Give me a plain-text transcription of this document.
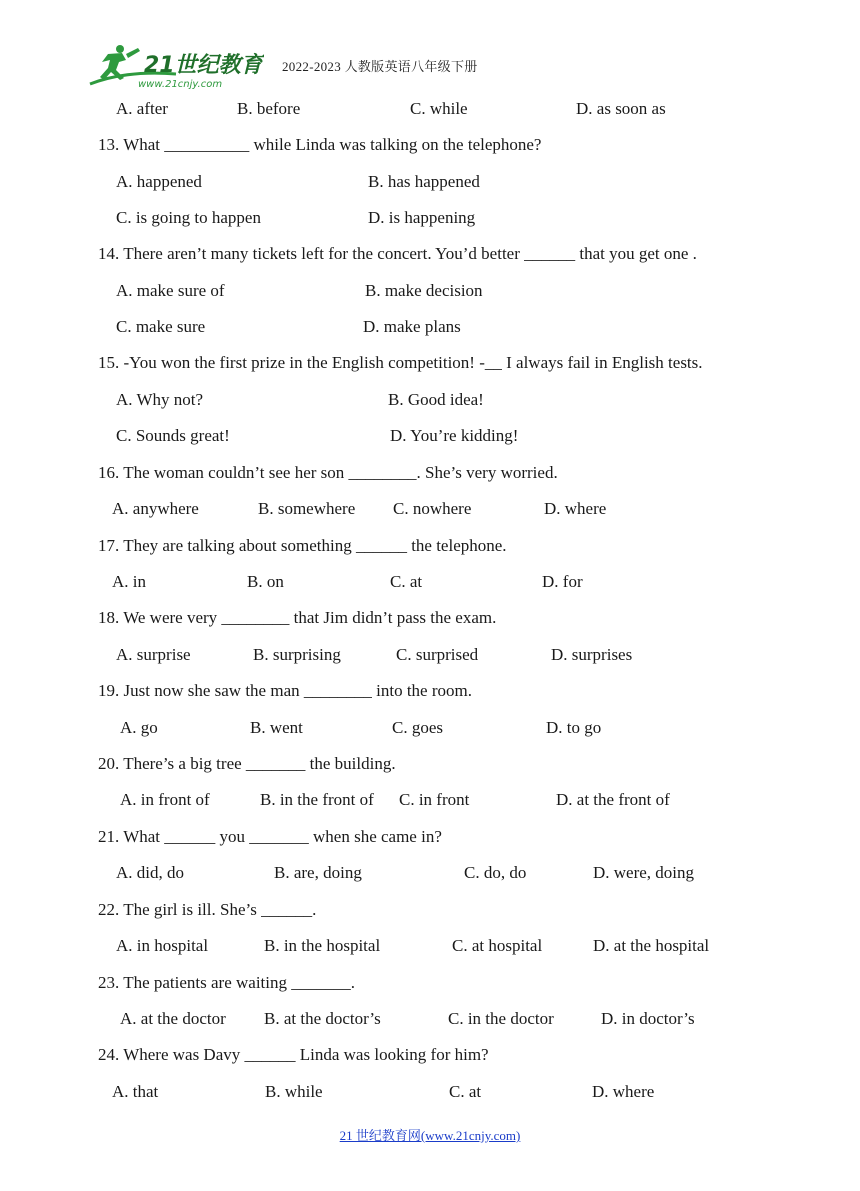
21世纪教育
www.21cnjy.com
2022-2023 人教版英语八年级下册
A. after	B. before	C. while	D. as soon as
13. What __________ while Linda was talking on the telephone?
A. happened	B. has happened
C. is going to happen	D. is happening
14. There aren’t many tickets left for the concert. You’d better ______ that you get one .
A. make sure of	B. make decision
C. make sure	D. make plans
15. -You won the first prize in the English competition! -__ I always fail in English tests.
A. Why not?	B. Good idea!
C. Sounds great!	D. You’re kidding!
16. The woman couldn’t see her son ________. She’s very worried.
A. anywhere	B. somewhere C. nowhere	D. where
17. They are talking about something ______ the telephone.
A. in	B. on	C. at	D. for
18. We were very ________ that Jim didn’t pass the exam.
A. surprise	B. surprising	C. surprised	D. surprises
19. Just now she saw the man ________ into the room.
A. go	B. went	C. goes	D. to go
20. There’s a big tree _______ the building.
A. in front of	B. in the front of C. in front	D. at the front of
21. What ______ you _______ when she came in?
A. did, do	B. are, doing	C. do, do	D. were, doing
22. The girl is ill. She’s ______.
A. in hospital	B. in the hospital	C. at hospital	D. at the hospital
23. The patients are waiting _______.
A. at the doctor B. at the doctor’s	C. in the doctor	D. in doctor’s
24. Where was Davy ______ Linda was looking for him?
A. that	B. while	C. at	D. where
21 世纪教育网(www.21cnjy.com)
